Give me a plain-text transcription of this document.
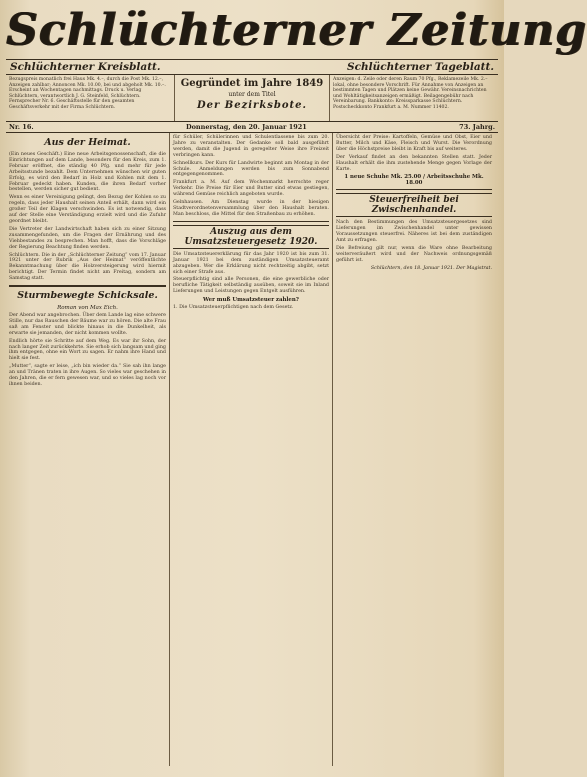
Schlüchterner Zeitung
Schlüchterner Kreisblatt.	Schlüchterner Tageblatt.
Bezugspreis monatlich frei Haus Mk. 4.–, durch die Post Mk. 12.–, Anzeigen zahlbar; Annoncen Mk. 10.00, bei und abgeholt Mk. 10.–. Erscheint an Wochentagen nachmittags. Druck u. Verlag Schlüchtern, verantwortlich J. G. Steinfeld, Schlüchtern. Fernsprecher Nr. 6. Geschäftsstelle für den gesamten Geschäftsverkehr mit der Firma Schlüchtern.
Gegründet im Jahre 1849
unter dem Titel
Der Bezirksbote.
Anzeigen: d. Zeile oder deren Raum 70 Pfg., Reklamezeile Mk. 2.– lokal, ohne besondere Vorschrift. Für Annahme von Anzeigen an bestimmten Tagen und Plätzen keine Gewähr. Vereinsnachrichten und Wohltätigkeitsanzeigen ermäßigt. Beilagengebühr nach Vereinbarung. Bankkonto: Kreissparkasse Schlüchtern. Postscheckkonto Frankfurt a. M. Nummer 11402.
Nr. 16.	Donnerstag, den 20. Januar 1921	73. Jahrg.
Aus der Heimat.

(Ein neues Geschäft.) Eine neue Arbeitsgenossenschaft, die die Einrichtungen auf dem Lande, besonders für den Kreis, zum 1. Februar eröffnet, die ständig 40 Pfg. und mehr für jede Arbeitsstunde bezahlt. Dem Unternehmen wünschen wir guten Erfolg, es wird den Bedarf in Holz und Kohlen mit dem 1. Februar gedeckt haben. Kunden, die ihren Bedarf vorher bestellen, werden sicher gut bedient.

Wenn es einer Vereinigung gelingt, den Bezug der Kohlen so zu regeln, dass jeder Haushalt seinen Anteil erhält, dann wird ein großer Teil der Klagen verschwinden. Es ist notwendig, dass auf der Stelle eine Verständigung erzielt wird und die Zufuhr geordnet bleibt.

Die Vertreter der Landwirtschaft haben sich zu einer Sitzung zusammengefunden, um die Fragen der Ernährung und des Viehbestandes zu besprechen. Man hofft, dass die Vorschläge der Regierung Beachtung finden werden.

Schlüchtern. Die in der „Schlüchterner Zeitung“ vom 17. Januar 1921 unter der Rubrik „Aus der Heimat“ veröffentlichte Bekanntmachung über die Holzversteigerung wird hiermit berichtigt. Der Termin findet nicht am Freitag, sondern am Samstag statt.

Sturmbewegte Schicksale.
Roman von Max Eich.

Der Abend war angebrochen. Über dem Lande lag eine schwere Stille, nur das Rauschen der Bäume war zu hören. Die alte Frau saß am Fenster und blickte hinaus in die Dunkelheit, als erwarte sie jemanden, der nicht kommen wollte.

Endlich hörte sie Schritte auf dem Weg. Es war ihr Sohn, der nach langer Zeit zurückkehrte. Sie erhob sich langsam und ging ihm entgegen, ohne ein Wort zu sagen. Er nahm ihre Hand und hielt sie fest.

„Mutter“, sagte er leise, „ich bin wieder da.“ Sie sah ihn lange an und Tränen traten in ihre Augen. So vieles war geschehen in den Jahren, die er fern gewesen war, und so vieles lag noch vor ihnen beiden.

für Schüler, Schülerinnen und Schulentlassene bis zum 20. Jahre zu veranstalten. Der Gedanke soll bald ausgeführt werden, damit die Jugend in geregelter Weise ihre Freizeit verbringen kann.

Schnellkurs. Der Kurs für Landwirte beginnt am Montag in der Schule. Anmeldungen werden bis zum Sonnabend entgegengenommen.

Frankfurt a. M. Auf dem Wochenmarkt herrschte reger Verkehr. Die Preise für Eier und Butter sind etwas gestiegen, während Gemüse reichlich angeboten wurde.

Gelnhausen. Am Dienstag wurde in der hiesigen Stadtverordnetenversammlung über den Haushalt beraten. Man beschloss, die Mittel für den Straßenbau zu erhöhen.

Auszug aus dem Umsatzsteuergesetz 1920.

Die Umsatzsteuererklärung für das Jahr 1920 ist bis zum 31. Januar 1921 bei dem zuständigen Umsatzsteueramt abzugeben. Wer die Erklärung nicht rechtzeitig abgibt, setzt sich einer Strafe aus.

Steuerpflichtig sind alle Personen, die eine gewerbliche oder berufliche Tätigkeit selbständig ausüben, soweit sie im Inland Lieferungen und Leistungen gegen Entgelt ausführen.

Wer muß Umsatzsteuer zahlen?

1. Die Umsatzsteuerpflichtigen nach dem Gesetz.

Übersicht der Preise: Kartoffeln, Gemüse und Obst, Eier und Butter, Milch und Käse, Fleisch und Wurst. Die Verordnung über die Höchstpreise bleibt in Kraft bis auf weiteres.

Der Verkauf findet an den bekannten Stellen statt. Jeder Haushalt erhält die ihm zustehende Menge gegen Vorlage der Karte.

1 neue Schuhe Mk. 25.00 / Arbeitsschuhe Mk. 18.00
Steuerfreiheit bei Zwischenhandel.

Nach den Bestimmungen des Umsatzsteuergesetzes sind Lieferungen im Zwischenhandel unter gewissen Voraussetzungen steuerfrei. Näheres ist bei dem zuständigen Amt zu erfragen.

Die Befreiung gilt nur, wenn die Ware ohne Bearbeitung weiterveräußert wird und der Nachweis ordnungsgemäß geführt ist.

Schlüchtern, den 18. Januar 1921. Der Magistrat.
